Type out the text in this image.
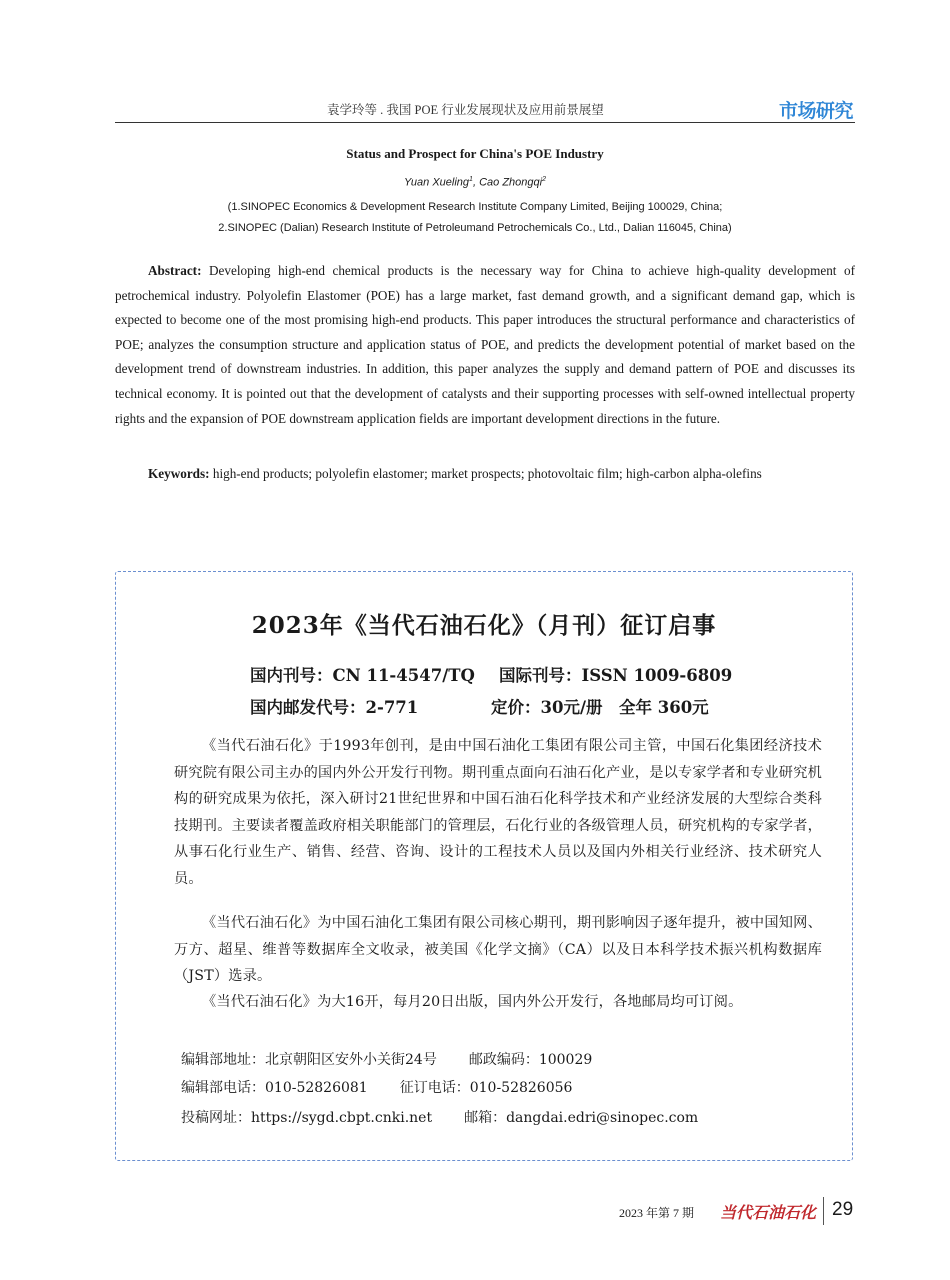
袁学玲等 . 我国 POE 行业发展现状及应用前景展望	市场研究
Status and Prospect for China's POE Industry
Yuan Xueling$^1$, Cao Zhongqi$^2$
(1.SINOPEC Economics & Development Research Institute Company Limited, Beijing 100029, China;
2.SINOPEC (Dalian) Research Institute of Petroleumand Petrochemicals Co., Ltd., Dalian 116045, China)

Abstract: Developing high-end chemical products is the necessary way for China to achieve high-quality development of petrochemical industry. Polyolefin Elastomer (POE) has a large market, fast demand growth, and a significant demand gap, which is expected to become one of the most promising high-end products. This paper introduces the structural performance and characteristics of POE; analyzes the consumption structure and application status of POE, and predicts the development potential of market based on the development trend of downstream industries. In addition, this paper analyzes the supply and demand pattern of POE and discusses its technical economy. It is pointed out that the development of catalysts and their supporting processes with self-owned intellectual property rights and the expansion of POE downstream application fields are important development directions in the future.

Keywords: high-end products; polyolefin elastomer; market prospects; photovoltaic film; high-carbon alpha-olefins

2023年《当代石油石化》（月刊）征订启事
国内刊号：CN 11-4547/TQ 国际刊号：ISSN 1009-6809
国内邮发代号：2-771	定价：30元/册　全年 360元

《当代石油石化》于1993年创刊，是由中国石油化工集团有限公司主管，中国石化集团经济技术研究院有限公司主办的国内外公开发行刊物。期刊重点面向石油石化产业，是以专家学者和专业研究机构的研究成果为依托，深入研讨21世纪世界和中国石油石化科学技术和产业经济发展的大型综合类科技期刊。主要读者覆盖政府相关职能部门的管理层，石化行业的各级管理人员，研究机构的专家学者，从事石化行业生产、销售、经营、咨询、设计的工程技术人员以及国内外相关行业经济、技术研究人员。

《当代石油石化》为中国石油化工集团有限公司核心期刊，期刊影响因子逐年提升，被中国知网、万方、超星、维普等数据库全文收录，被美国《化学文摘》（CA）以及日本科学技术振兴机构数据库（JST）选录。

《当代石油石化》为大16开，每月20日出版，国内外公开发行，各地邮局均可订阅。

编辑部地址：北京朝阳区安外小关街24号 邮政编码：100029
编辑部电话：010-52826081 征订电话：010-52826056
投稿网址：https://sygd.cbpt.cnki.net 邮箱：dangdai.edri@sinopec.com
2023 年第 7 期 当代石油石化 29
